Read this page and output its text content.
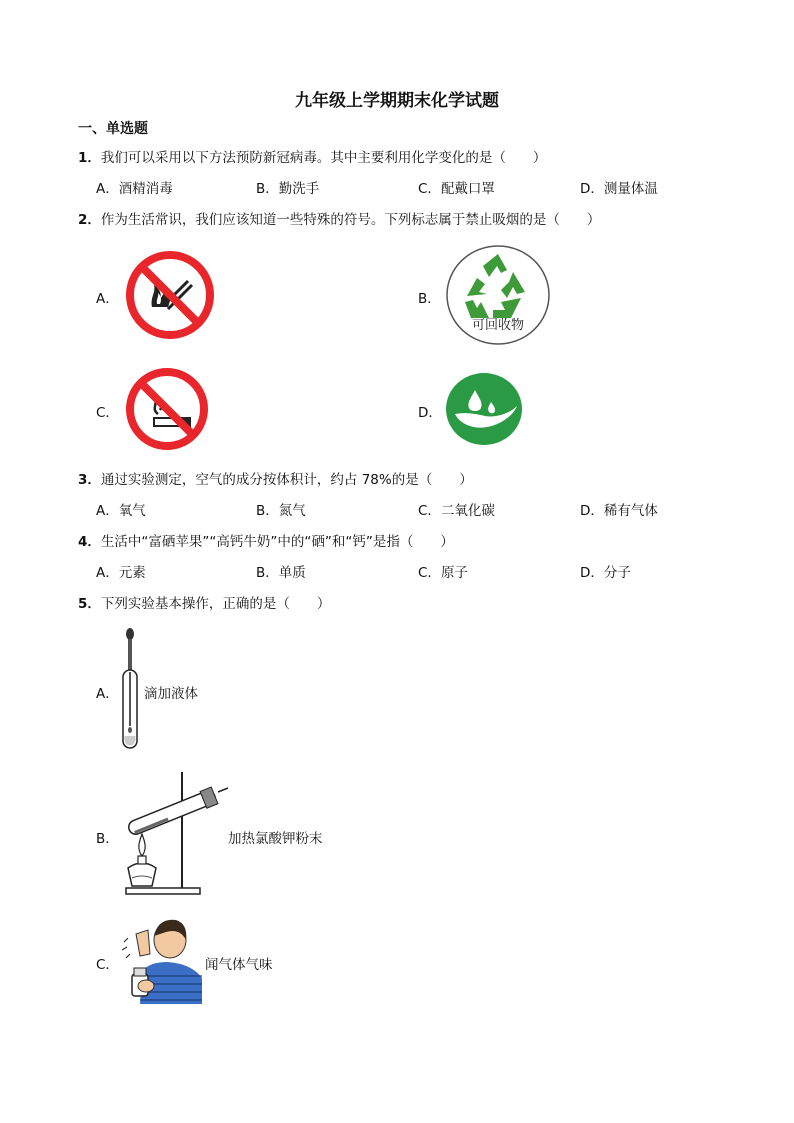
九年级上学期期末化学试题
一、单选题
1．我们可以采用以下方法预防新冠病毒。其中主要利用化学变化的是（　　）
A．酒精消毒	B．勤洗手	C．配戴口罩	D．测量体温
2．作为生活常识，我们应该知道一些特殊的符号。下列标志属于禁止吸烟的是（　　）
A．	B．
可回收物
C．	D．
3．通过实验测定，空气的成分按体积计，约占 78%的是（　　）
A．氧气	B．氮气	C．二氧化碳	D．稀有气体
4．生活中“富硒苹果”“高钙牛奶”中的“硒”和“钙”是指（　　）
A．元素	B．单质	C．原子	D．分子
5．下列实验基本操作，正确的是（　　）
A． 滴加液体
B．	加热氯酸钾粉末
C．	闻气体气味
